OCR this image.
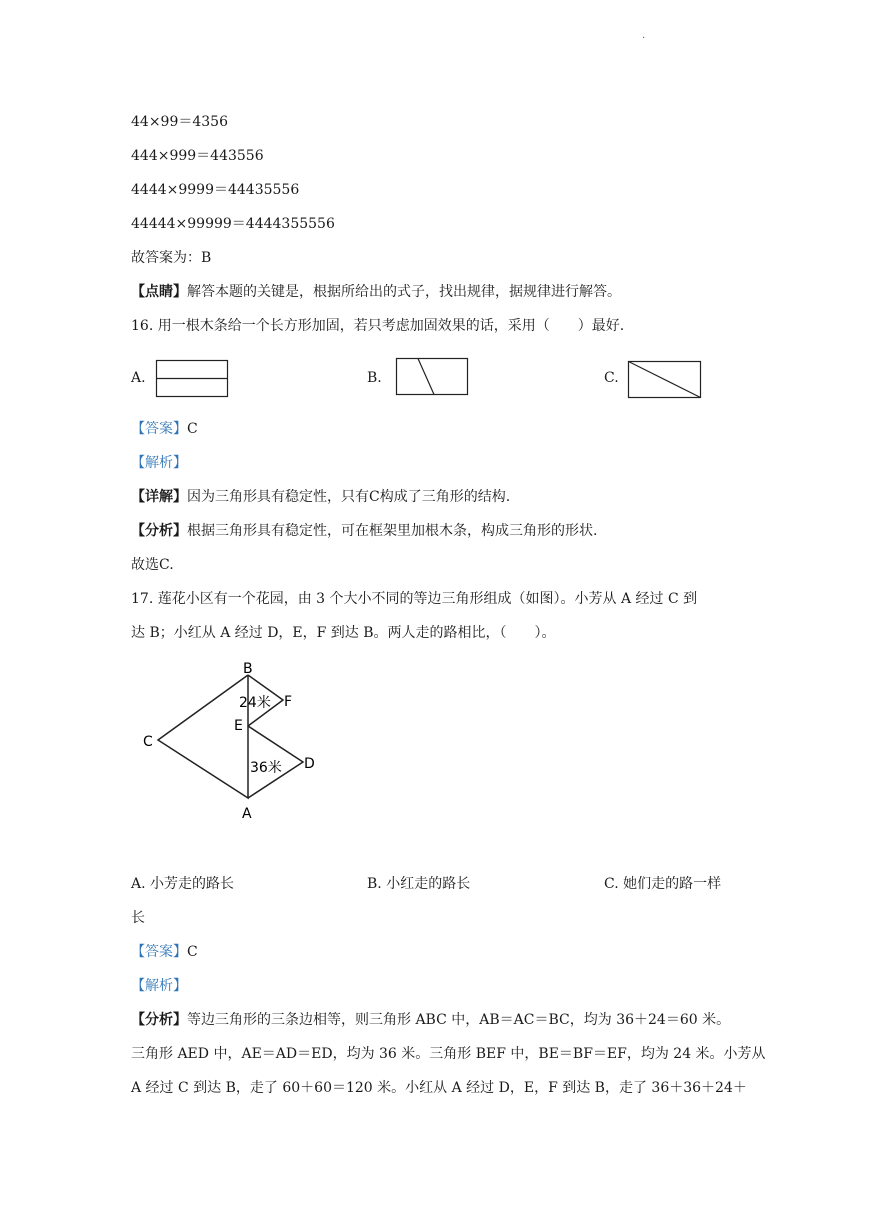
.
44×99＝4356
444×999＝443556
4444×9999＝44435556
44444×99999＝4444355556
故答案为：B
【点睛】解答本题的关键是，根据所给出的式子，找出规律，据规律进行解答。
16. 用一根木条给一个长方形加固，若只考虑加固效果的话，采用（　　）最好.
A.	B.	C.
【答案】C
【解析】
【详解】因为三角形具有稳定性，只有C构成了三角形的结构.
【分析】根据三角形具有稳定性，可在框架里加根木条，构成三角形的形状.
故选C.
17. 莲花小区有一个花园，由 3 个大小不同的等边三角形组成（如图）。小芳从 A 经过 C 到
达 B；小红从 A 经过 D，E，F 到达 B。两人走的路相比，（　　）。
B
C
A
D
E
F
24米
36米
A. 小芳走的路长	B. 小红走的路长	C. 她们走的路一样
长
【答案】C
【解析】
【分析】等边三角形的三条边相等，则三角形 ABC 中，AB＝AC＝BC，均为 36＋24＝60 米。
三角形 AED 中，AE＝AD＝ED，均为 36 米。三角形 BEF 中，BE＝BF＝EF，均为 24 米。小芳从
A 经过 C 到达 B，走了 60＋60＝120 米。小红从 A 经过 D，E，F 到达 B，走了 36＋36＋24＋
